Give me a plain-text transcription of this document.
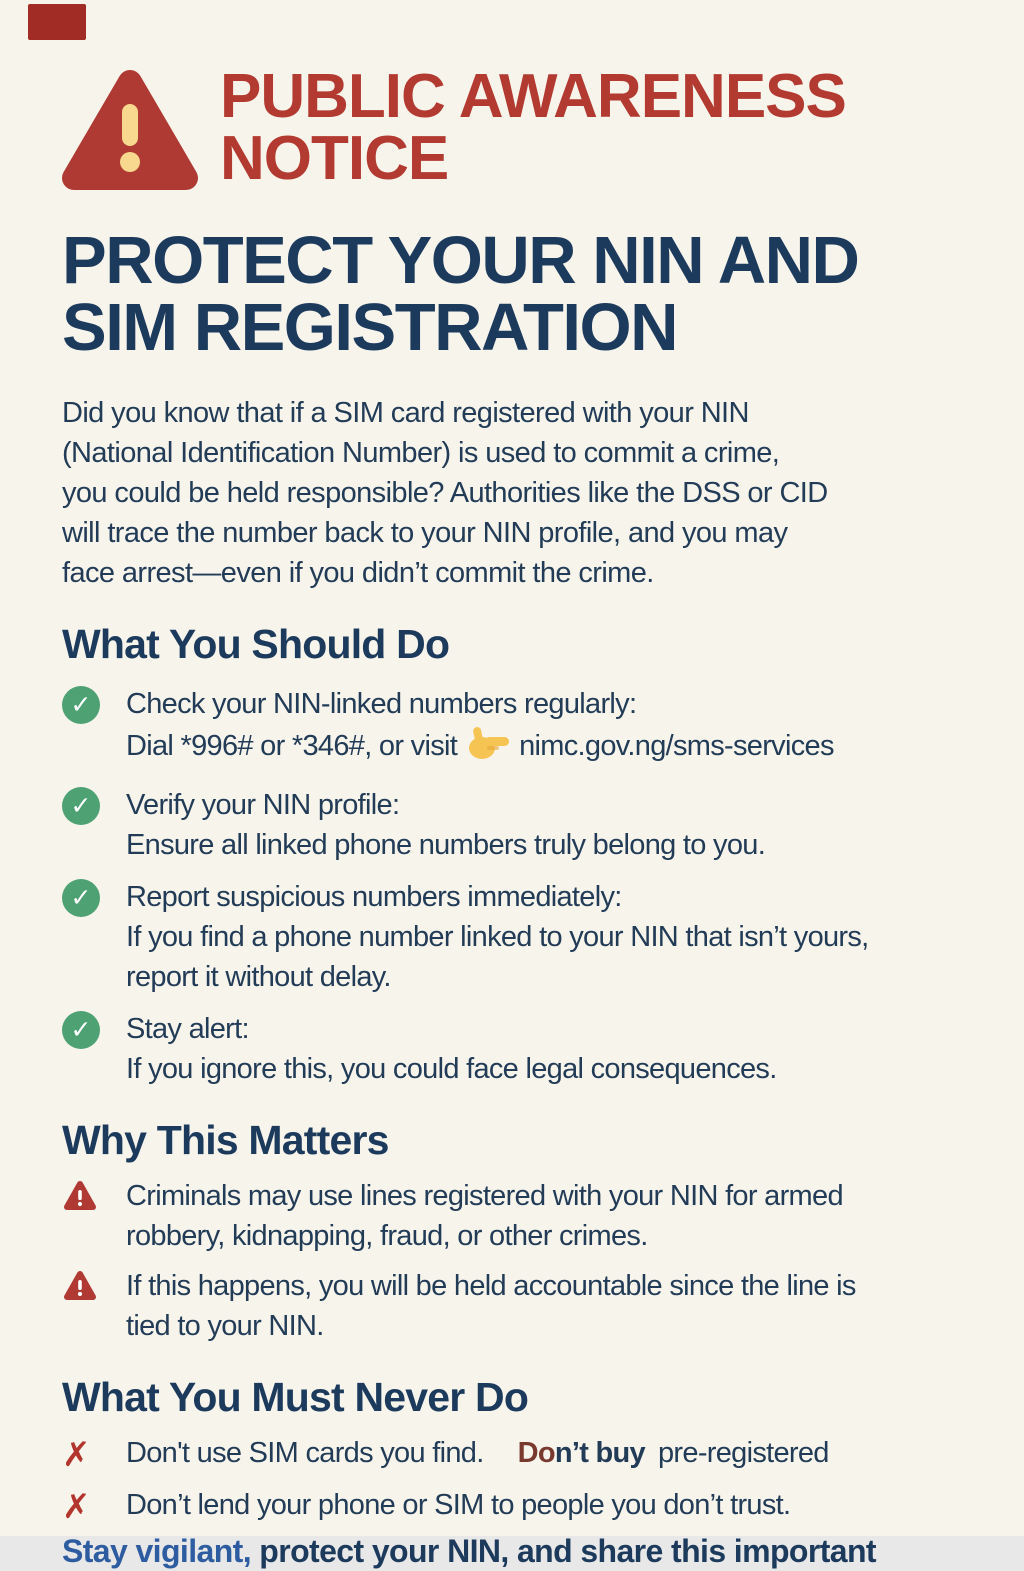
PUBLIC AWARENESS
NOTICE
PROTECT YOUR NIN AND
SIM REGISTRATION
Did you know that if a SIM card registered with your NIN
(National Identification Number) is used to commit a crime,
you could be held responsible? Authorities like the DSS or CID
will trace the number back to your NIN profile, and you may
face arrest—even if you didn’t commit the crime.
What You Should Do
✓ Check your NIN-linked numbers regularly:
Dial *996# or *346#, or visit nimc.gov.ng/sms-services
✓ Verify your NIN profile:
Ensure all linked phone numbers truly belong to you.
✓ Report suspicious numbers immediately:
If you find a phone number linked to your NIN that isn’t yours,
report it without delay.
✓ Stay alert:
If you ignore this, you could face legal consequences.
Why This Matters
Criminals may use lines registered with your NIN for armed
robbery, kidnapping, fraud, or other crimes.
If this happens, you will be held accountable since the line is
tied to your NIN.
What You Must Never Do
✗	Don't use SIM cards you find. Don’t buy pre-registered
✗	Don’t lend your phone or SIM to people you don’t trust.
Stay vigilant, protect your NIN, and share this important
